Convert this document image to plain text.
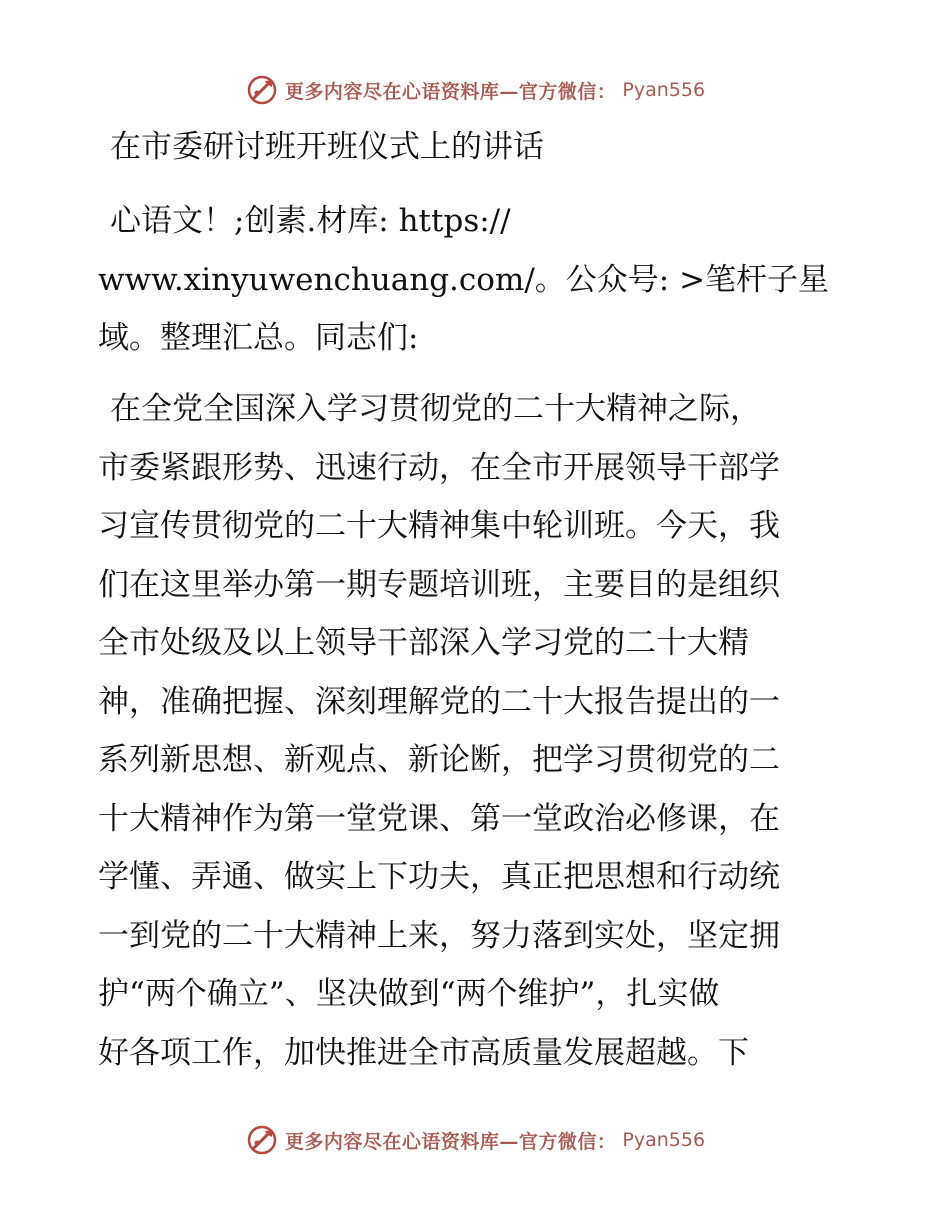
更多内容尽在心语资料库—官方微信： Pyan556
在市委研讨班开班仪式上的讲话
心语文！;创素.材库: https://
www.xinyuwenchuang.com/。公众号: >笔杆子星
域。整理汇总。同志们:
在全党全国深入学习贯彻党的二十大精神之际，
市委紧跟形势、迅速行动，在全市开展领导干部学
习宣传贯彻党的二十大精神集中轮训班。今天，我
们在这里举办第一期专题培训班，主要目的是组织
全市处级及以上领导干部深入学习党的二十大精
神，准确把握、深刻理解党的二十大报告提出的一
系列新思想、新观点、新论断，把学习贯彻党的二
十大精神作为第一堂党课、第一堂政治必修课，在
学懂、弄通、做实上下功夫，真正把思想和行动统
一到党的二十大精神上来，努力落到实处，坚定拥
护“两个确立”、坚决做到“两个维护”，扎实做
好各项工作，加快推进全市高质量发展超越。下
更多内容尽在心语资料库—官方微信： Pyan556
